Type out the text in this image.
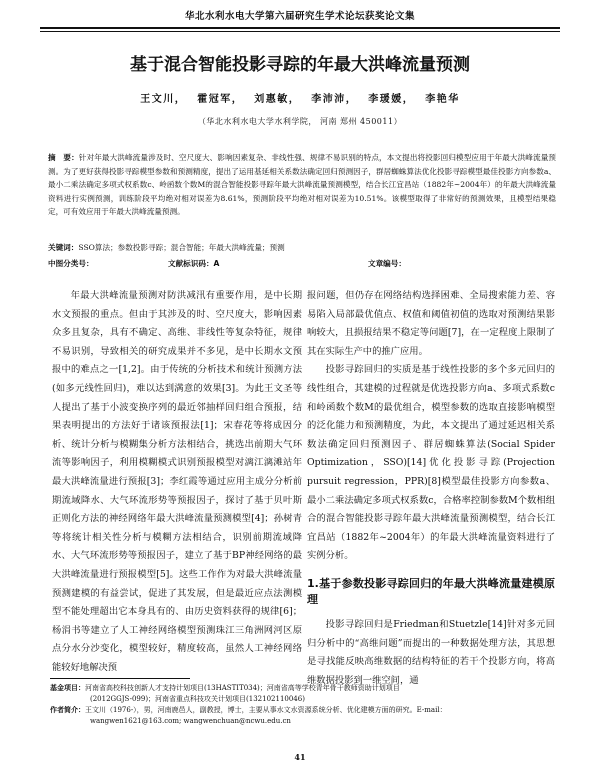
华北水利水电大学第六届研究生学术论坛获奖论文集
基于混合智能投影寻踪的年最大洪峰流量预测
王文川， 霍冠军， 刘惠敏， 李沛沛， 李瑗媛， 李艳华
（华北水利水电大学水利学院， 河南 郑州 450011）
摘　要：针对年最大洪峰流量涉及时、空尺度大、影响因素复杂、非线性强、规律不易识别的特点，本文提出将投影回归模型应用于年最大洪峰流量预测。为了更好获得投影寻踪模型参数和预测精度，提出了运用基延相关系数法确定回归预测因子，群居蜘蛛算法优化投影寻踪模型最佳投影方向参数a、最小二乘法确定多项式权系数c、岭函数个数M的混合智能投影寻踪年最大洪峰流量预测模型，结合长江宜昌站（1882年~2004年）的年最大洪峰流量资料进行实例预测，训练阶段平均绝对相对误差为8.61%，预测阶段平均绝对相对误差为10.51%。该模型取得了非常好的预测效果，且模型结果稳定，可有效应用于年最大洪峰流量预测。
关键词：SSO算法；参数投影寻踪；混合智能；年最大洪峰流量；预测
中图分类号：	文献标识码：A	文章编号：

年最大洪峰流量预测对防洪减汛有重要作用，是中长期水文预报的重点。但由于其涉及的时、空尺度大，影响因素众多且复杂，具有不确定、高维、非线性等复杂特征，规律不易识别，导致相关的研究成果并不多见，是中长期水文预报中的难点之一[1,2]。由于传统的分析技术和统计预测方法(如多元线性回归)，难以达到满意的效果[3]。为此王文圣等人提出了基于小波变换序列的最近邻抽样回归组合预报，结果表明提出的方法好于诸该预报法[1]；宋春花等将成因分析、统计分析与模糊集分析方法相结合，挑选出前期大气环流等影响因子，利用模糊模式识别预报模型对漓江漓滩站年最大洪峰流量进行预报[3]；李红霞等通过应用主成分分析前期流域降水、大气环流形势等预报因子，探讨了基于贝叶斯正则化方法的神经网络年最大洪峰流量预测模型[4]；孙树青等将统计相关性分析与模糊方法相结合，识别前期流域降水、大气环流形势等预报因子，建立了基于BP神经网络的最大洪峰流量进行预报模型[5]。这些工作作为对最大洪峰流量预测建模的有益尝试，促进了其发展，但是最近应点法测模型不能处理超出它本身具有的、由历史资料获得的规律[6]；杨涓书等建立了人工神经网络模型预测珠江三角洲网河区原点分水分沙变化，模型较好，精度较高，虽然人工神经网络能较好地解决预

报问题，但仍存在网络结构选择困难、全局搜索能力差、容易陷入局部最优值点、权值和阈值初值的选取对预测结果影响较大，且损报结果不稳定等问题[7]，在一定程度上限制了其在实际生产中的推广应用。

投影寻踪回归的实质是基于线性投影的多个多元回归的线性组合，其建模的过程就是优选投影方向a、多项式系数c和岭函数个数M的最优组合，模型参数的选取直接影响模型的泛化能力和预测精度，为此，本文提出了通过延迟相关系数法确定回归预测因子、群居蜘蛛算法(Social Spider Optimization，SSO)[14]优化投影寻踪(Projection pursuit regression，PPR)[8]模型最佳投影方向参数a、最小二乘法确定多项式权系数c，合格率控制参数M个数相组合的混合智能投影寻踪年最大洪峰流量预测模型，结合长江宜昌站（1882年~2004年）的年最大洪峰流量资料进行了实例分析。

1.基于参数投影寻踪回归的年最大洪峰流量建模原理

投影寻踪回归是Friedman和Stuetzle[14]针对多元回归分析中的“高维问题”而提出的一种数据处理方法，其思想是寻找能反映高维数据的结构特征的若干个投影方向，将高维数据投影到一维空间，通

基金项目：河南省高校科技创新人才支持计划项目(13HASTIT034)；河南省高等学校青年骨干教师资助计划项目
(2012GGJS-099)；河南省重点科技攻关计划项目(132102110046)
作者简介：王文川（1976-），男，河南鹿邑人，副教授，博士，主要从事水文水资源系统分析、优化建模方面的研究。E-mail：
wangwen1621@163.com; wangwenchuan@ncwu.edu.cn
41
